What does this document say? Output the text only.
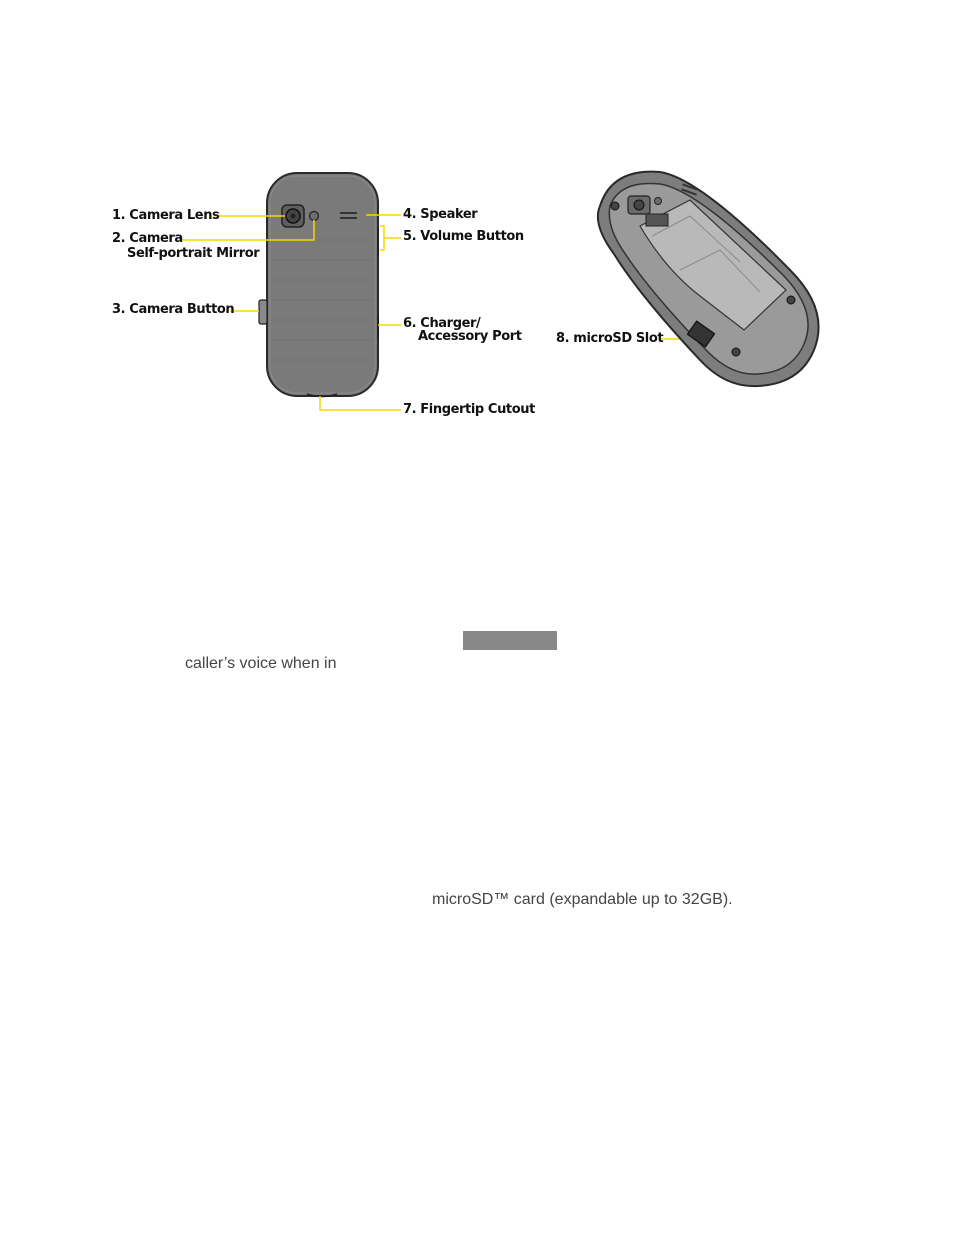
1. Camera Lens
2. Camera
Self-portrait Mirror
3. Camera Button
4. Speaker
5. Volume Button
6. Charger/
Accessory Port
7. Fingertip Cutout
8. microSD Slot
caller’s voice when in
microSD™ card (expandable up to 32GB).
